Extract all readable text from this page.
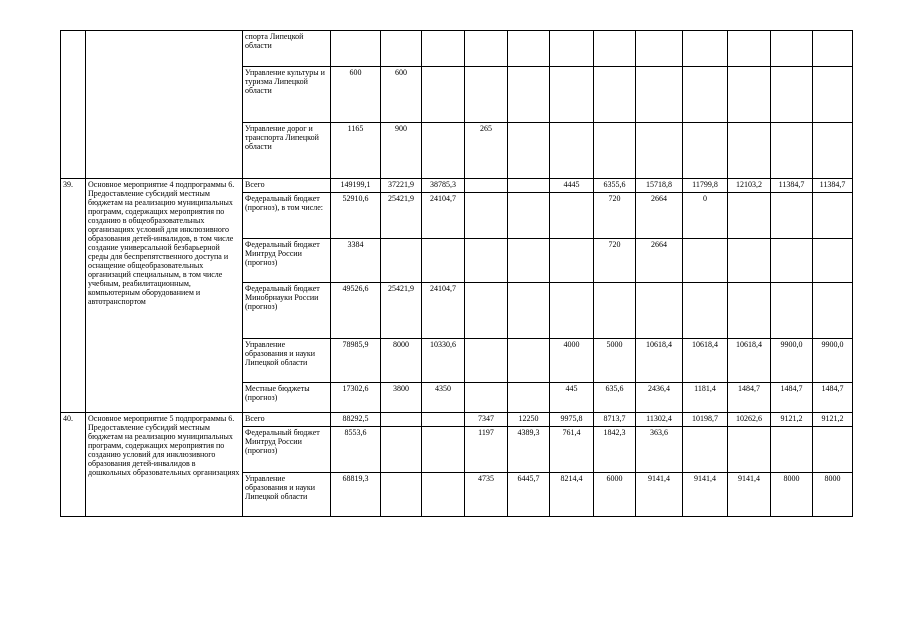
		спорта Липецкой области												
		Управление культуры и туризма Липецкой области	600	600										
		Управление дорог и транспорта Липецкой области	1165	900		265								
39.	Основное мероприятие 4 подпрограммы 6. Предоставление субсидий местным бюджетам на реализацию муниципальных программ, содержащих мероприятия по созданию в общеобразовательных организациях условий для инклюзивного образования детей-инвалидов, в том числе создание универсальной безбарьерной среды для беспрепятственного доступа и оснащение общеобразовательных организаций специальным, в том числе учебным, реабилитационным, компьютерным оборудованием и автотранспортом	Всего	149199,1	37221,9	38785,3			4445	6355,6	15718,8	11799,8	12103,2	11384,7	11384,7
		Федеральный бюджет (прогноз), в том числе:	52910,6	25421,9	24104,7				720	2664	0			
		Федеральный бюджет Минтруд России (прогноз)	3384						720	2664				
		Федеральный бюджет Минобрнауки России (прогноз)	49526,6	25421,9	24104,7									
		Управление образования и науки Липецкой области	78985,9	8000	10330,6			4000	5000	10618,4	10618,4	10618,4	9900,0	9900,0
		Местные бюджеты (прогноз)	17302,6	3800	4350			445	635,6	2436,4	1181,4	1484,7	1484,7	1484,7
40.	Основное мероприятие 5 подпрограммы 6. Предоставление субсидий местным бюджетам на реализацию муниципальных программ, содержащих мероприятия по созданию условий для инклюзивного образования детей-инвалидов в дошкольных образовательных организациях	Всего	88292,5			7347	12250	9975,8	8713,7	11302,4	10198,7	10262,6	9121,2	9121,2
		Федеральный бюджет Минтруд России (прогноз)	8553,6			1197	4389,3	761,4	1842,3	363,6				
		Управление образования и науки Липецкой области	68819,3			4735	6445,7	8214,4	6000	9141,4	9141,4	9141,4	8000	8000
